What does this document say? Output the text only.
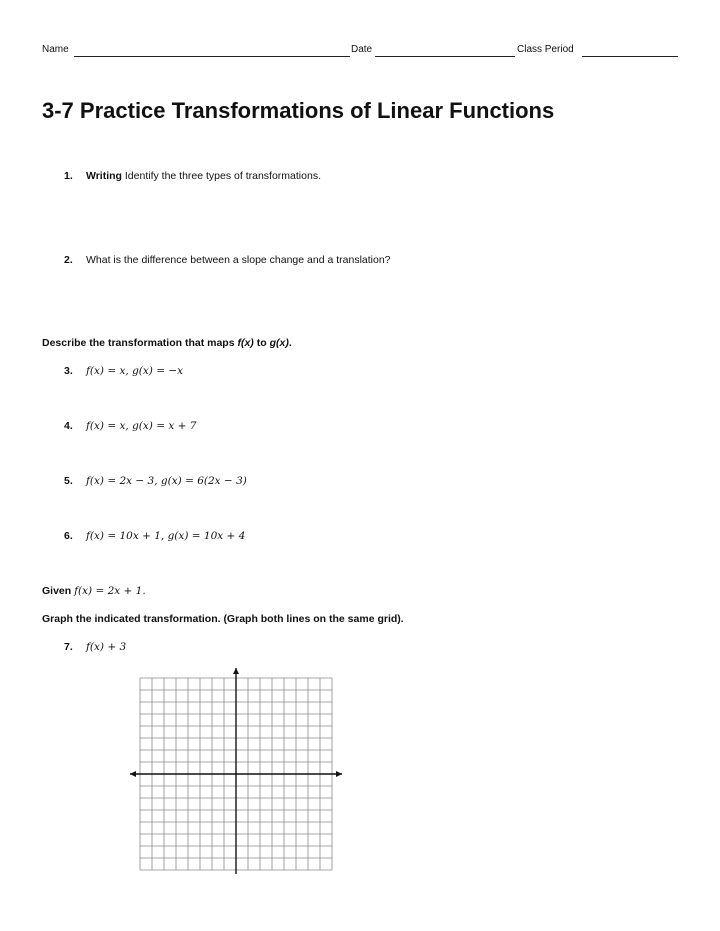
Name	Date	Class Period
3-7 Practice Transformations of Linear Functions
1. Writing Identify the three types of transformations.
2. What is the difference between a slope change and a translation?
Describe the transformation that maps f(x) to g(x).
3. f(x) = x, g(x) = −x
4. f(x) = x, g(x) = x + 7
5. f(x) = 2x − 3, g(x) = 6(2x − 3)
6. f(x) = 10x + 1, g(x) = 10x + 4
Given f(x) = 2x + 1.
Graph the indicated transformation. (Graph both lines on the same grid).
7. f(x) + 3
